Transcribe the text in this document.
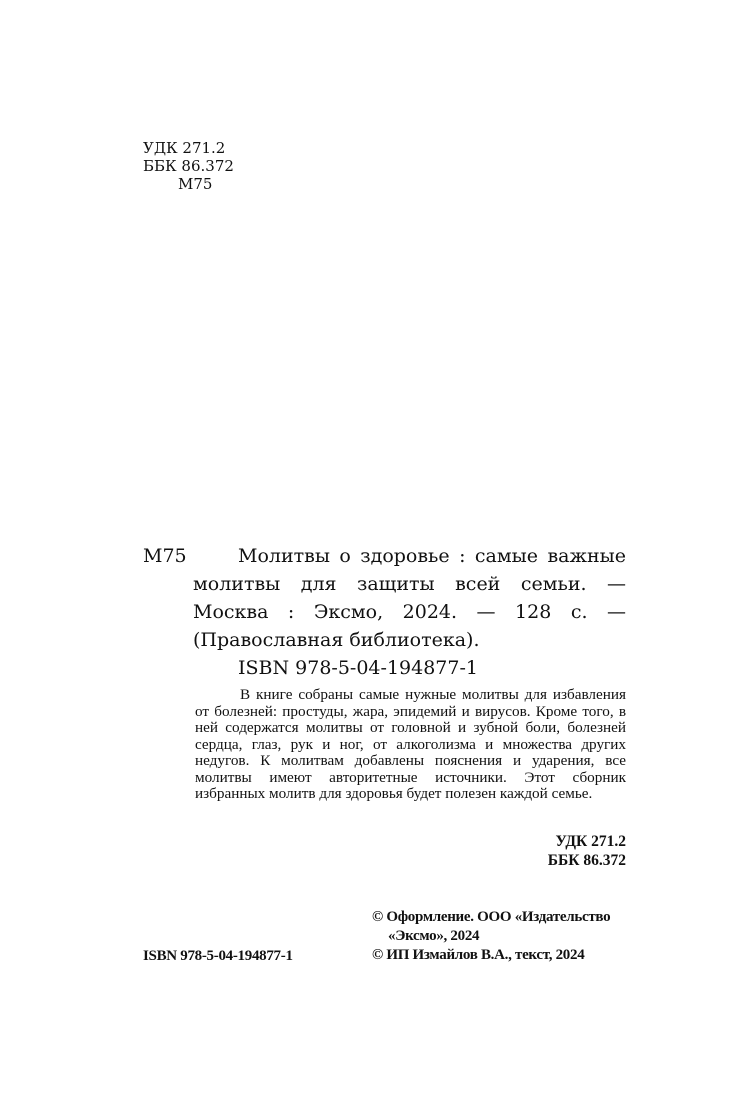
УДК 271.2
ББК 86.372
М75
М75	Молитвы о здоровье : самые важные молитвы для защиты всей семьи. — Москва : Эксмо, 2024. — 128 с. — (Православная библиотека).
ISBN 978-5-04-194877-1
В книге собраны самые нужные молитвы для избавления от болезней: простуды, жара, эпидемий и вирусов. Кроме того, в ней содержатся молитвы от головной и зубной боли, болезней сердца, глаз, рук и ног, от алкоголизма и множества других недугов. К молитвам добавлены пояснения и ударения, все молитвы имеют авторитетные источники. Этот сборник избранных молитв для здоровья будет полезен каждой семье.
УДК 271.2
ББК 86.372
ISBN 978-5-04-194877-1
© Оформление. ООО «Издательство
«Эксмо», 2024
© ИП Измайлов В.А., текст, 2024
